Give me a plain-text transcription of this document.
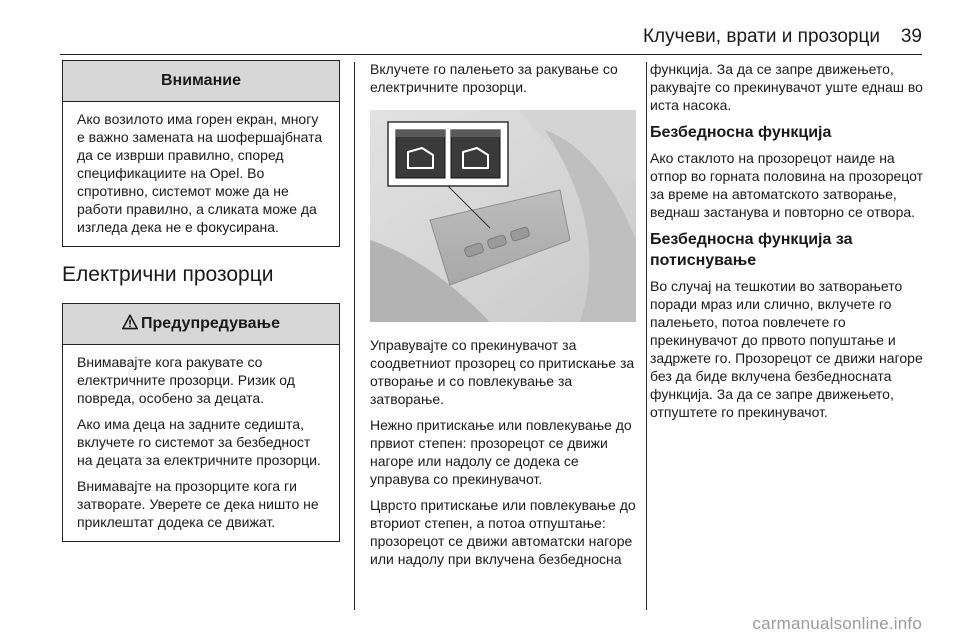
Клучеви, врати и прозорци 39
Внимание

Ако возилото има горен екран, многу е важно замената на шофершајбната да се изврши правилно, според спецификациите на Opel. Во спротивно, системот може да не работи правилно, а сликата може да изгледа дека не е фокусирана.

Електрични прозорци
Предупредување

Внимавајте кога ракувате со електричните прозорци. Ризик од повреда, особено за децата.

Ако има деца на задните седишта, вклучете го системот за безбедност на децата за електричните прозорци.

Внимавајте на прозорците кога ги затворате. Уверете се дека ништо не приклештат додека се движат.

Вклучете го палењето за ракување со електричните прозорци.

Управувајте со прекинувачот за соодветниот прозорец со притискање за отворање и со повлекување за затворање.

Нежно притискање или повлекување до првиот степен: прозорецот се движи нагоре или надолу се додека се управува со прекинувачот.

Цврсто притискање или повлекување до вториот степен, а потоа отпуштање: прозорецот се движи автоматски нагоре или надолу при вклучена безбедносна

функција. За да се запре движењето, ракувајте со прекинувачот уште еднаш во иста насока.

Безбедносна функција

Ако стаклото на прозорецот наиде на отпор во горната половина на прозорецот за време на автоматското затворање, веднаш застанува и повторно се отвора.

Безбедносна функција за потиснување

Во случај на тешкотии во затворањето поради мраз или слично, вклучете го палењето, потоа повлечете го прекинувачот до првото попуштање и задржете го. Прозорецот се движи нагоре без да биде вклучена безбедносната функција. За да се запре движењето, отпуштете го прекинувачот.

carmanualsonline.info
